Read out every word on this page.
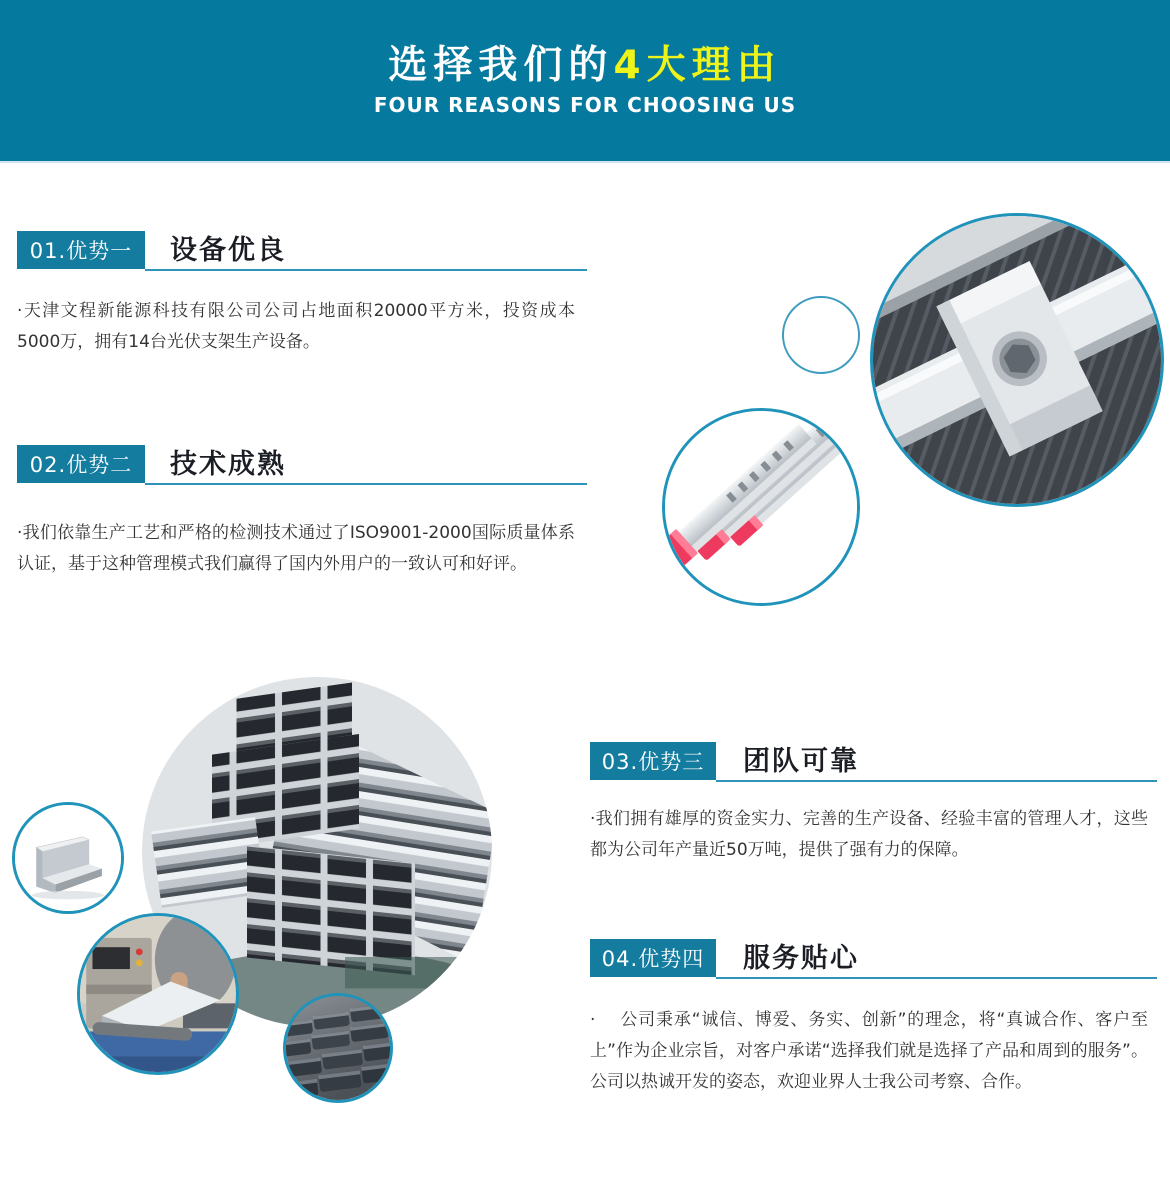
选择我们的4大理由
FOUR REASONS FOR CHOOSING US
01.优势一	设备优良

·天津文程新能源科技有限公司公司占地面积20000平方米，投资成本5000万，拥有14台光伏支架生产设备。

02.优势二	技术成熟

·我们依靠生产工艺和严格的检测技术通过了ISO9001-2000国际质量体系认证，基于这种管理模式我们赢得了国内外用户的一致认可和好评。

03.优势三	团队可靠

·我们拥有雄厚的资金实力、完善的生产设备、经验丰富的管理人才，这些都为公司年产量近50万吨，提供了强有力的保障。

04.优势四	服务贴心

·　 公司秉承“诚信、博爱、务实、创新”的理念，将“真诚合作、客户至上”作为企业宗旨，对客户承诺“选择我们就是选择了产品和周到的服务”。公司以热诚开发的姿态，欢迎业界人士我公司考察、合作。
